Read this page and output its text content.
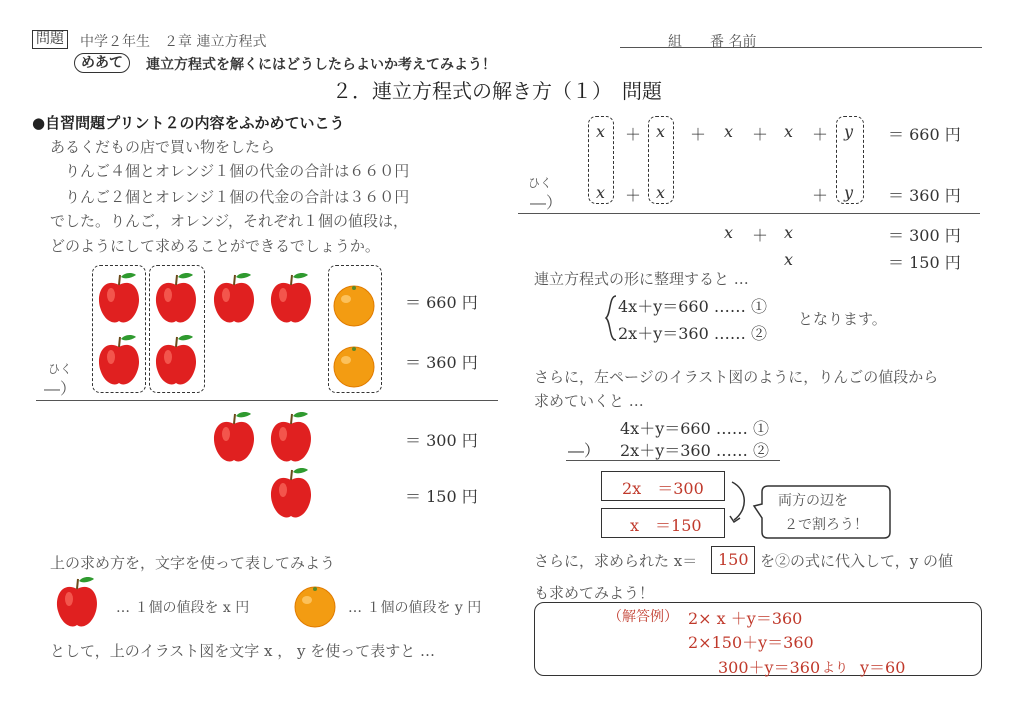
問題 中学２年生　２章 連立方程式	組　　番 名前
めあて	連立方程式を解くにはどうしたらよいか考えてみよう！
２．連立方程式の解き方（１）　問題
●自習問題プリント２の内容をふかめていこう
あるくだもの店で買い物をしたら
　りんご４個とオレンジ１個の代金の合計は６６０円
　りんご２個とオレンジ１個の代金の合計は３６０円
でした。りんご，オレンジ，それぞれ１個の値段は，
どのようにして求めることができるでしょうか。
＝ 660 円
＝ 360 円
ひく
―）
＝ 300 円
＝ 150 円
上の求め方を，文字を使って表してみよう
… １個の値段を x 円	… １個の値段を y 円
として，上のイラスト図を文字 x ， y を使って表すと …
x ＋ x ＋ x ＋ x ＋ y ＝ 660 円
x ＋ x	＋ y ＝ 360 円
ひく
―）
x ＋ x	＝ 300 円
x	＝ 150 円
連立方程式の形に整理すると …
4x＋y＝660 …… ①
2x＋y＝360 …… ②
となります。
さらに，左ページのイラスト図のように，りんごの値段から
求めていくと …
4x＋y＝660 …… ①
―） 2x＋y＝360 …… ②
2x　＝300
x　＝150
両方の辺を
２で割ろう！
さらに，求められた x＝ 150 を②の式に代入して，y の値
も求めてみよう！
（解答例） 2× x ＋y＝360
2×150＋y＝360
300＋y＝360 より y＝60
